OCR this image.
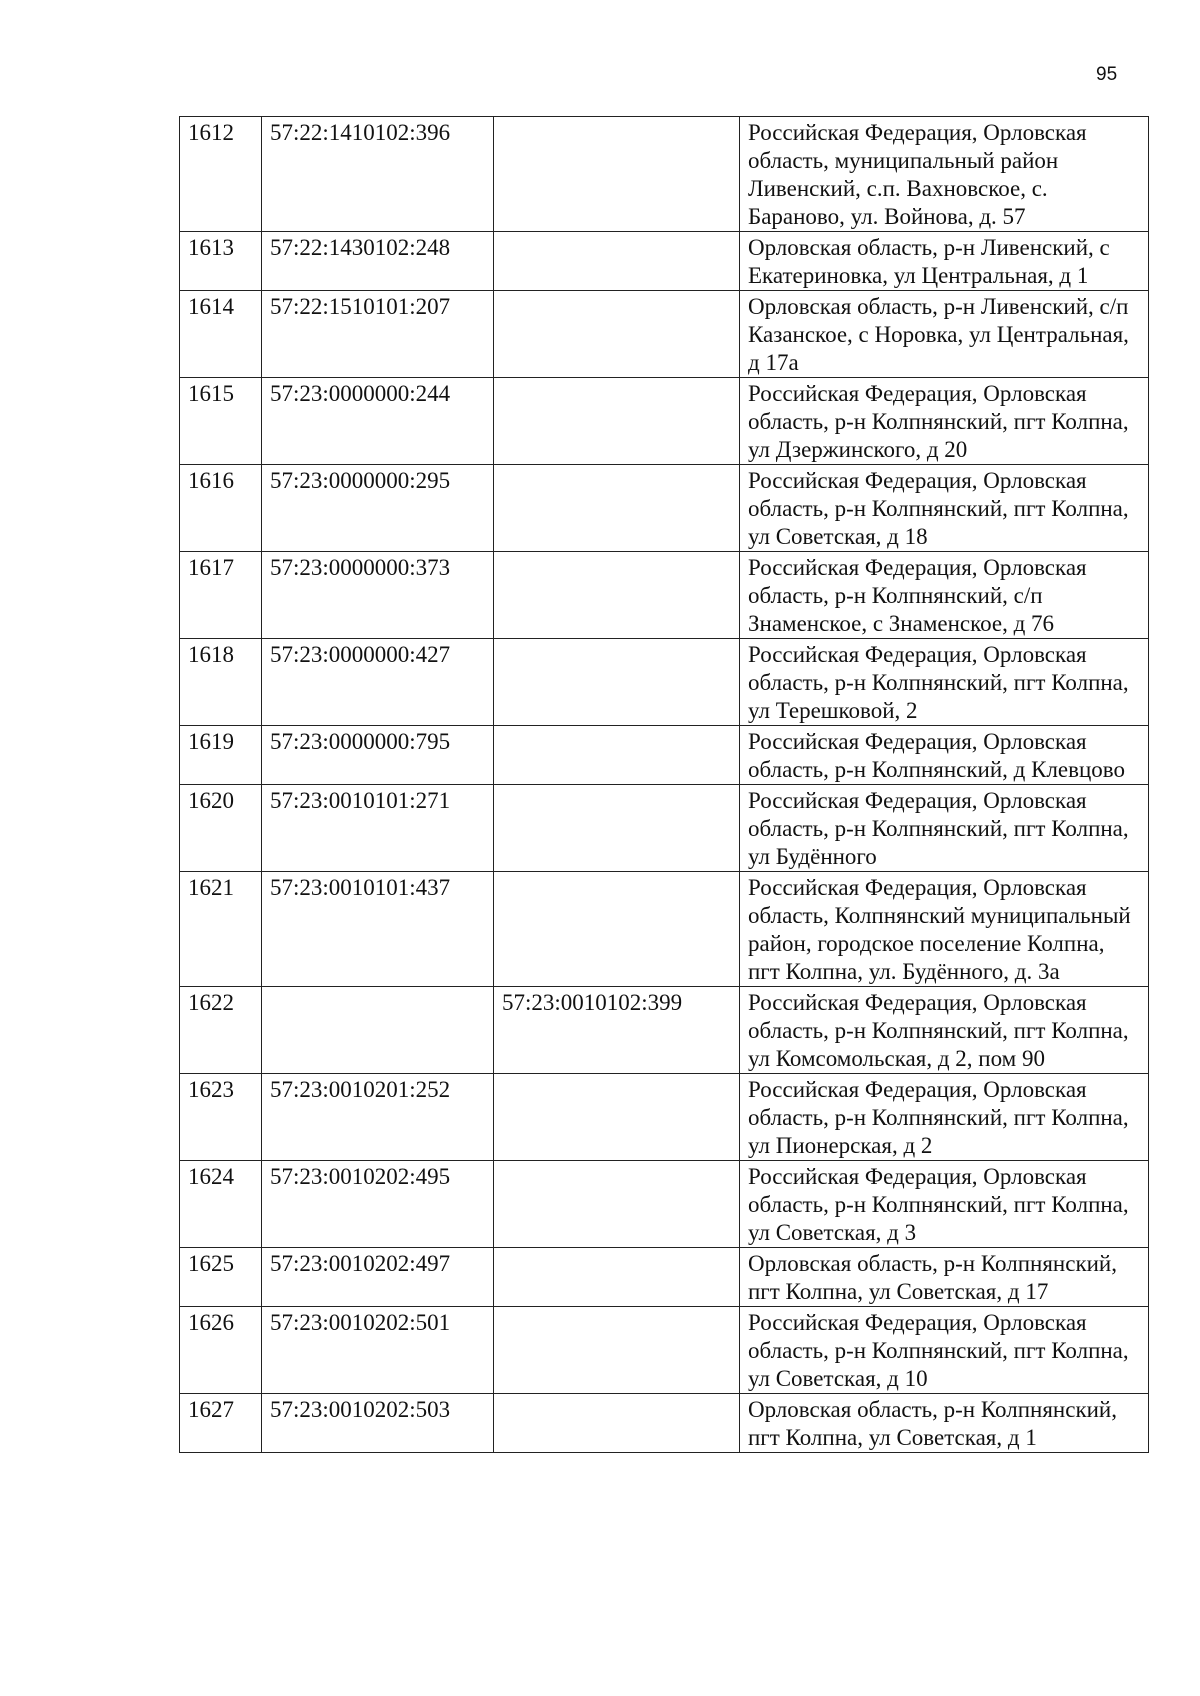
95
1612	57:22:1410102:396		Российская Федерация, Орловская область, муниципальный район Ливенский, с.п. Вахновское, с. Бараново, ул. Войнова, д. 57
1613	57:22:1430102:248		Орловская область, р-н Ливенский, с Екатериновка, ул Центральная, д 1
1614	57:22:1510101:207		Орловская область, р-н Ливенский, с/п Казанское, с Норовка, ул Центральная, д 17а
1615	57:23:0000000:244		Российская Федерация, Орловская область, р-н Колпнянский, пгт Колпна, ул Дзержинского, д 20
1616	57:23:0000000:295		Российская Федерация, Орловская область, р-н Колпнянский, пгт Колпна, ул Советская, д 18
1617	57:23:0000000:373		Российская Федерация, Орловская область, р-н Колпнянский, с/п Знаменское, с Знаменское, д 76
1618	57:23:0000000:427		Российская Федерация, Орловская область, р-н Колпнянский, пгт Колпна, ул Терешковой, 2
1619	57:23:0000000:795		Российская Федерация, Орловская область, р-н Колпнянский, д Клевцово
1620	57:23:0010101:271		Российская Федерация, Орловская область, р-н Колпнянский, пгт Колпна, ул Будённого
1621	57:23:0010101:437		Российская Федерация, Орловская область, Колпнянский муниципальный район, городское поселение Колпна, пгт Колпна, ул. Будённого, д. 3а
1622		57:23:0010102:399	Российская Федерация, Орловская область, р-н Колпнянский, пгт Колпна, ул Комсомольская, д 2, пом 90
1623	57:23:0010201:252		Российская Федерация, Орловская область, р-н Колпнянский, пгт Колпна, ул Пионерская, д 2
1624	57:23:0010202:495		Российская Федерация, Орловская область, р-н Колпнянский, пгт Колпна, ул Советская, д 3
1625	57:23:0010202:497		Орловская область, р-н Колпнянский, пгт Колпна, ул Советская, д 17
1626	57:23:0010202:501		Российская Федерация, Орловская область, р-н Колпнянский, пгт Колпна, ул Советская, д 10
1627	57:23:0010202:503		Орловская область, р-н Колпнянский, пгт Колпна, ул Советская, д 1
